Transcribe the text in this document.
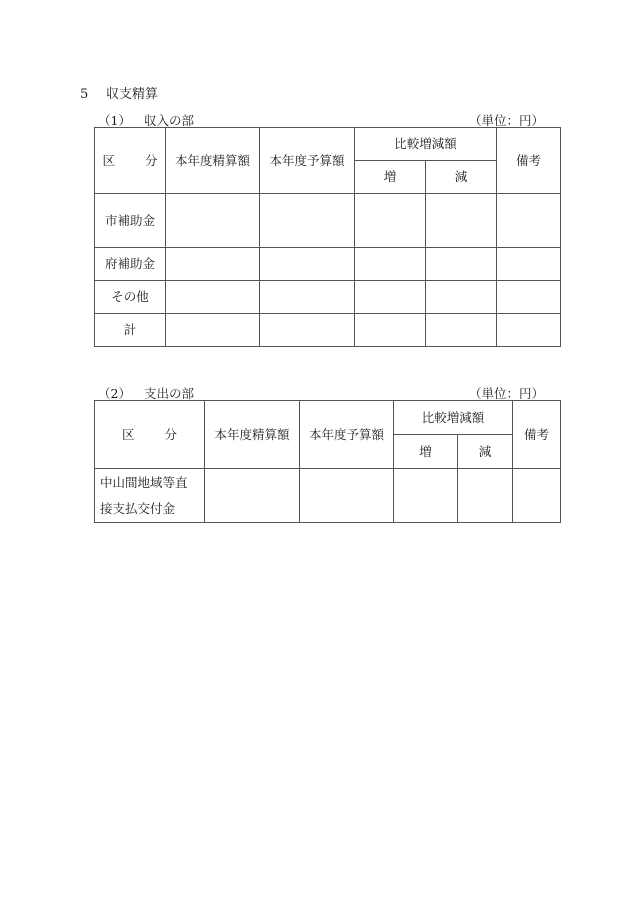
5 収支精算
（1） 収入の部	（単位：円）
区 分	本年度精算額	本年度予算額	比較増減額		備考
			増	減	
市補助金					
府補助金					
その他					
計					
（2） 支出の部	（単位：円）
区 分	本年度精算額	本年度予算額	比較増減額		備考
			増	減	
中山間地域等直
接支払交付金					
